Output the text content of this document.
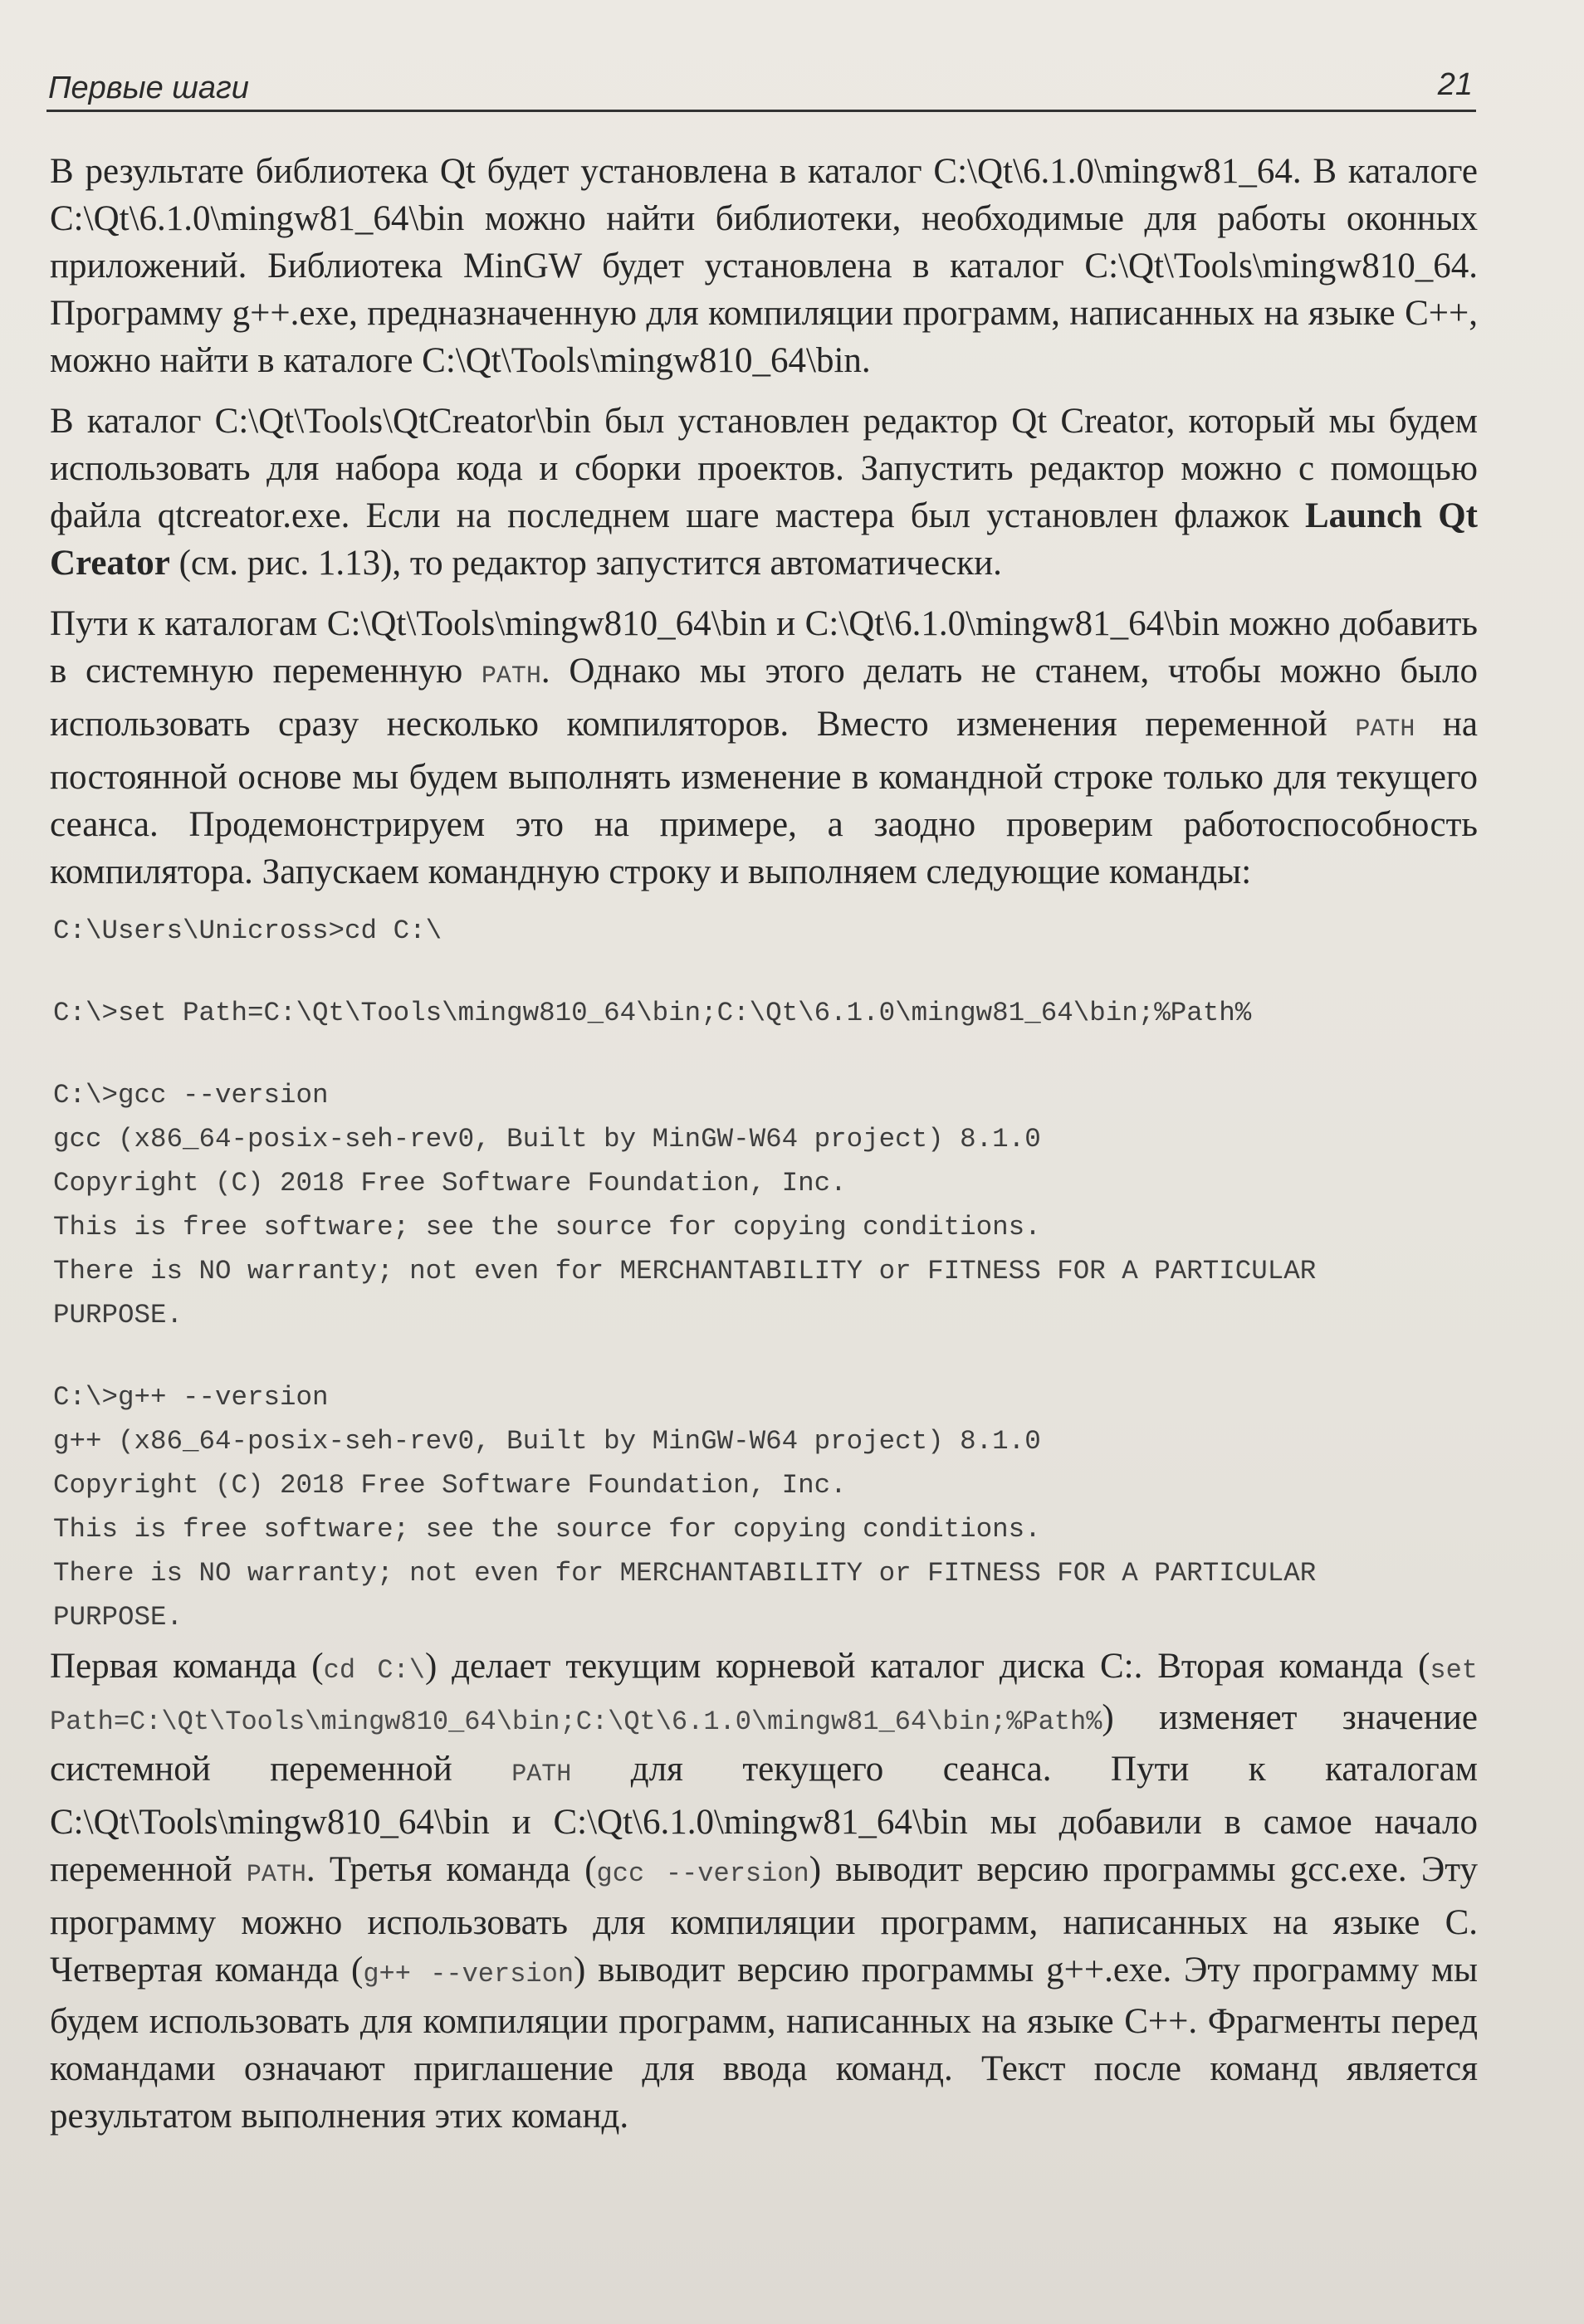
Первые шаги	21

В результате библиотека Qt будет установлена в каталог C:\Qt\6.1.0\mingw81_64. В каталоге C:\Qt\6.1.0\mingw81_64\bin можно найти библиотеки, необходимые для работы оконных приложений. Библиотека MinGW будет установлена в каталог C:\Qt\Tools\mingw810_64. Программу g++.exe, предназначенную для компиляции программ, написанных на языке C++, можно найти в каталоге C:\Qt\Tools\mingw810_64\bin.

В каталог C:\Qt\Tools\QtCreator\bin был установлен редактор Qt Creator, который мы будем использовать для набора кода и сборки проектов. Запустить редактор можно с помощью файла qtcreator.exe. Если на последнем шаге мастера был установлен флажок Launch Qt Creator (см. рис. 1.13), то редактор запустится автоматически.

Пути к каталогам C:\Qt\Tools\mingw810_64\bin и C:\Qt\6.1.0\mingw81_64\bin можно добавить в системную переменную PATH. Однако мы этого делать не станем, чтобы можно было использовать сразу несколько компиляторов. Вместо изменения переменной PATH на постоянной основе мы будем выполнять изменение в командной строке только для текущего сеанса. Продемонстрируем это на примере, а заодно проверим работоспособность компилятора. Запускаем командную строку и выполняем следующие команды:

C:\Users\Unicross>cd C:\
C:\>set Path=C:\Qt\Tools\mingw810_64\bin;C:\Qt\6.1.0\mingw81_64\bin;%Path%
C:\>gcc --version
gcc (x86_64-posix-seh-rev0, Built by MinGW-W64 project) 8.1.0
Copyright (C) 2018 Free Software Foundation, Inc.
This is free software; see the source for copying conditions.
There is NO warranty; not even for MERCHANTABILITY or FITNESS FOR A PARTICULAR
PURPOSE.
C:\>g++ --version
g++ (x86_64-posix-seh-rev0, Built by MinGW-W64 project) 8.1.0
Copyright (C) 2018 Free Software Foundation, Inc.
This is free software; see the source for copying conditions.
There is NO warranty; not even for MERCHANTABILITY or FITNESS FOR A PARTICULAR
PURPOSE.

Первая команда (cd C:\) делает текущим корневой каталог диска C:. Вторая команда (set Path=C:\Qt\Tools\mingw810_64\bin;C:\Qt\6.1.0\mingw81_64\bin;%Path%) изменяет значение системной переменной PATH для текущего сеанса. Пути к каталогам C:\Qt\Tools\mingw810_64\bin и C:\Qt\6.1.0\mingw81_64\bin мы добавили в самое начало переменной PATH. Третья команда (gcc --version) выводит версию программы gcc.exe. Эту программу можно использовать для компиляции программ, написанных на языке C. Четвертая команда (g++ --version) выводит версию программы g++.exe. Эту программу мы будем использовать для компиляции программ, написанных на языке C++. Фрагменты перед командами означают приглашение для ввода команд. Текст после команд является результатом выполнения этих команд.
